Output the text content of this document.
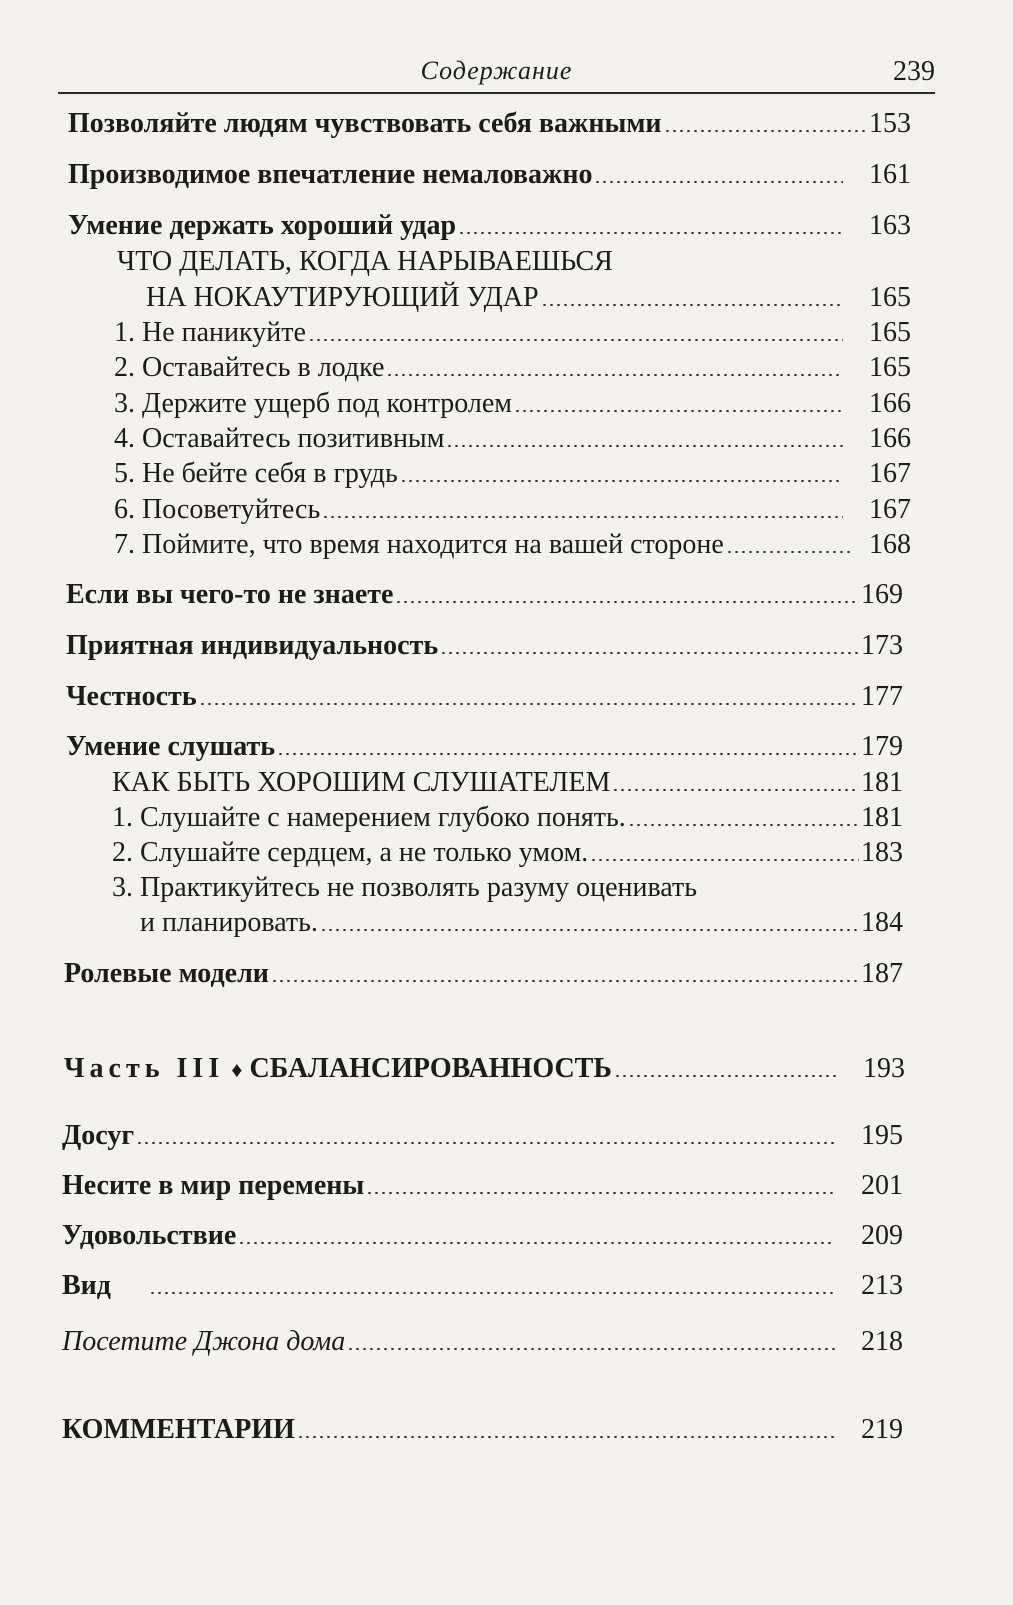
Содержание	239
Позволяйте людям чувствовать себя важными	153
Производимое впечатление немаловажно	161
Умение держать хороший удар	163
ЧТО ДЕЛАТЬ, КОГДА НАРЫВАЕШЬСЯ
НА НОКАУТИРУЮЩИЙ УДАР	165
1. Не паникуйте	165
2. Оставайтесь в лодке	165
3. Держите ущерб под контролем	166
4. Оставайтесь позитивным	166
5. Не бейте себя в грудь	167
6. Посоветуйтесь	167
7. Поймите, что время находится на вашей стороне	168
Если вы чего-то не знаете	169
Приятная индивидуальность	173
Честность	177
Умение слушать	179
КАК БЫТЬ ХОРОШИМ СЛУШАТЕЛЕМ	181
1. Слушайте с намерением глубоко понять.	181
2. Слушайте сердцем, а не только умом.	183
3. Практикуйтесь не позволять разуму оценивать
и планировать.	184
Ролевые модели	187
Часть III ♦ СБАЛАНСИРОВАННОСТЬ	193
Досуг	195
Несите в мир перемены	201
Удовольствие	209
Вид	213
Посетите Джона дома	218
КОММЕНТАРИИ	219
